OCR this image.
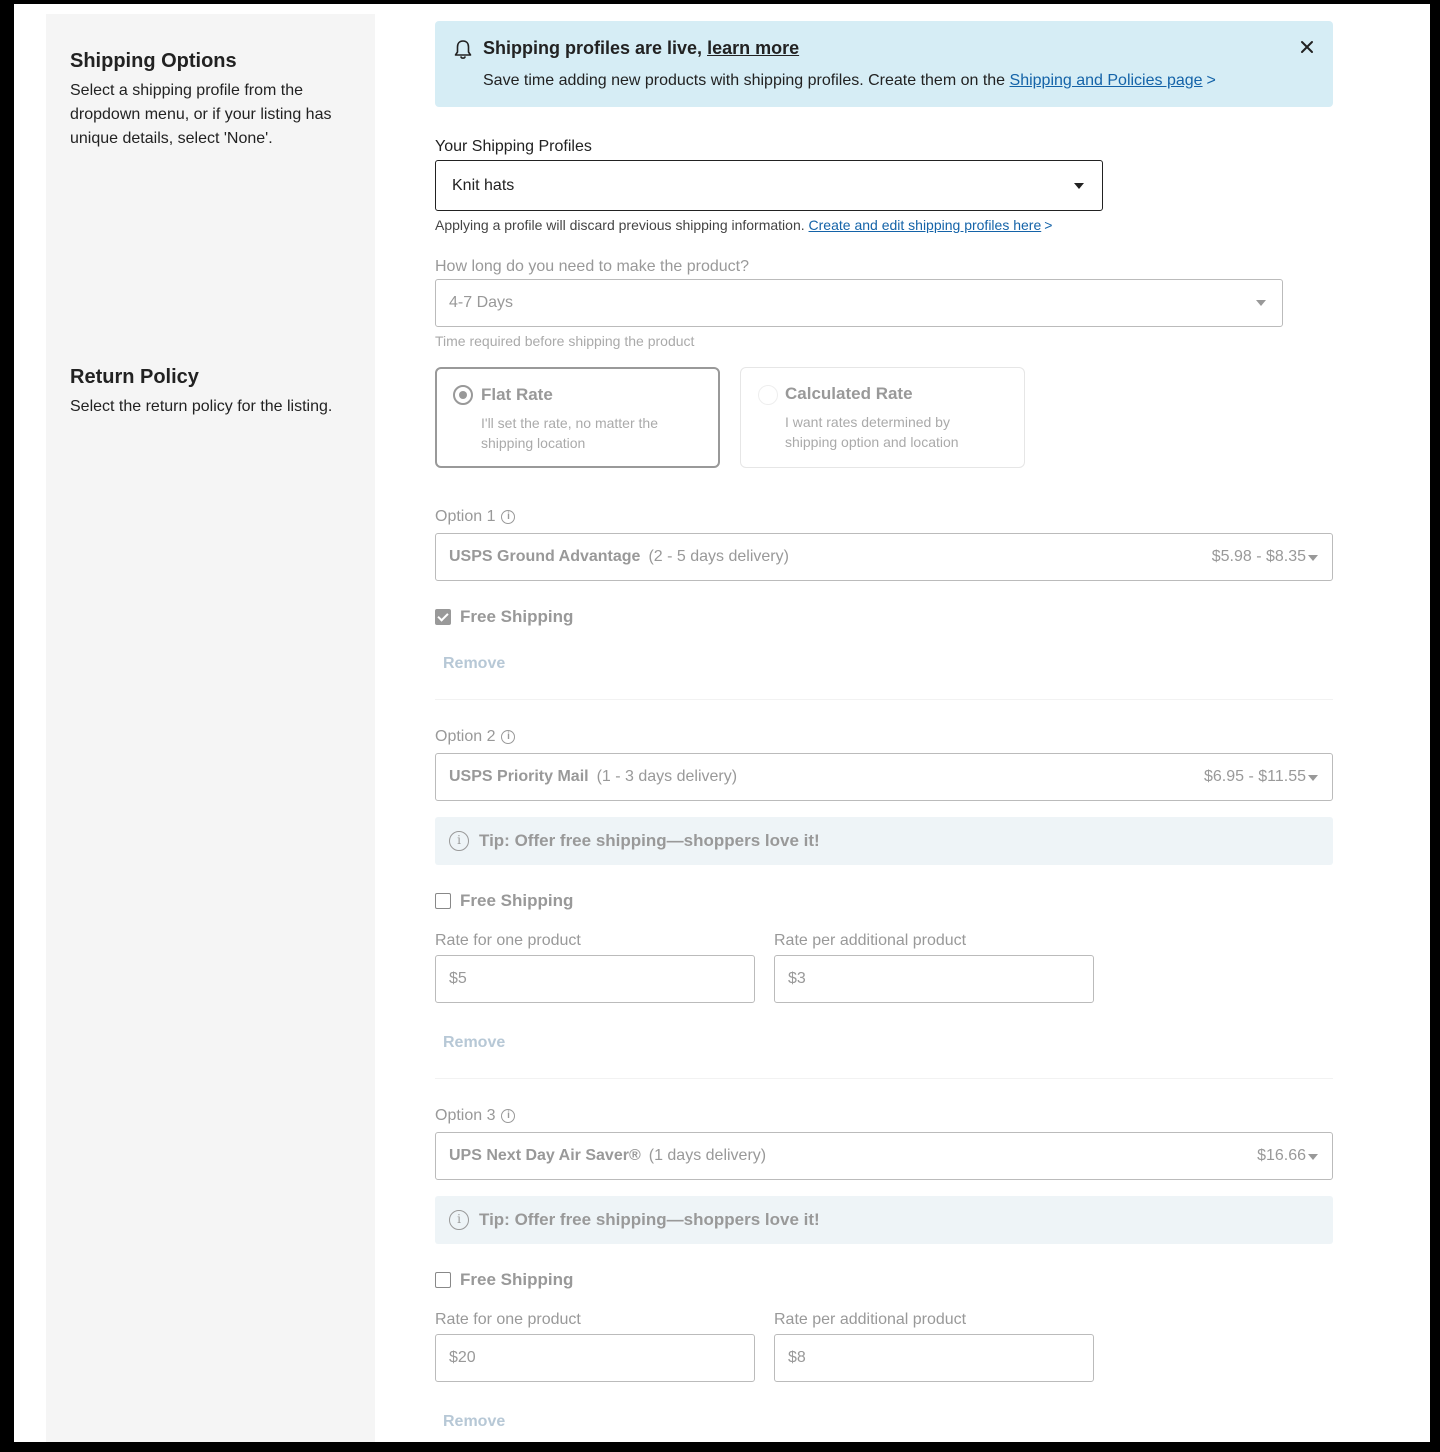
Shipping Options
Select a shipping profile from the dropdown menu, or if your listing has unique details, select 'None'.
Return Policy
Select the return policy for the listing.
Shipping profiles are live, learn more
Save time adding new products with shipping profiles. Create them on the Shipping and Policies page >
Your Shipping Profiles
Knit hats
Applying a profile will discard previous shipping information. Create and edit shipping profiles here >
How long do you need to make the product?
4-7 Days
Time required before shipping the product
Flat Rate
I'll set the rate, no matter the shipping location
Calculated Rate
I want rates determined by shipping option and location
Option 1	i
USPS Ground Advantage (2 - 5 days delivery)	$5.98 - $8.35
Free Shipping
Remove
Option 2	i
USPS Priority Mail (1 - 3 days delivery)	$6.95 - $11.55
i	Tip: Offer free shipping—shoppers love it!
Free Shipping
Rate for one product	Rate per additional product
$5	$3
Remove
Option 3	i
UPS Next Day Air Saver® (1 days delivery)	$16.66
i	Tip: Offer free shipping—shoppers love it!
Free Shipping
Rate for one product	Rate per additional product
$20	$8
Remove
